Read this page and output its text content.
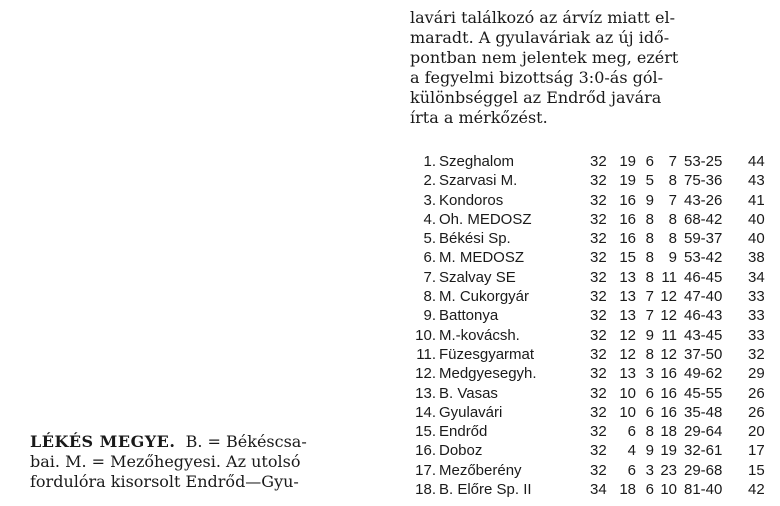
LÉKÉS MEGYE. B. = Békéscsa-
bai. M. = Mezőhegyesi. Az utolsó
fordulóra kisorsolt Endrőd—Gyu-
lavári találkozó az árvíz miatt el-
maradt. A gyulaváriak az új idő-
pontban nem jelentek meg, ezért
a fegyelmi bizottság 3:0-ás gól-
különbséggel az Endrőd javára
írta a mérkőzést.
1. Szeghalom	32 19 6 7 53-25 44
2. Szarvasi M.	32 19 5 8 75-36 43
3. Kondoros	32 16 9 7 43-26 41
4. Oh. MEDOSZ	32 16 8 8 68-42 40
5. Békési Sp.	32 16 8 8 59-37 40
6. M. MEDOSZ	32 15 8 9 53-42 38
7. Szalvay SE	32 13 8 11 46-45 34
8. M. Cukorgyár	32 13 7 12 47-40 33
9. Battonya	32 13 7 12 46-43 33
10. M.-kovácsh.	32 12 9 11 43-45 33
11. Füzesgyarmat	32 12 8 12 37-50 32
12. Medgyesegyh.	32 13 3 16 49-62 29
13. B. Vasas	32 10 6 16 45-55 26
14. Gyulavári	32 10 6 16 35-48 26
15. Endrőd	32	6 8 18 29-64 20
16. Doboz	32	4 9 19 32-61 17
17. Mezőberény	32	6 3 23 29-68 15
18. B. Előre Sp. II	34 18 6 10 81-40 42
